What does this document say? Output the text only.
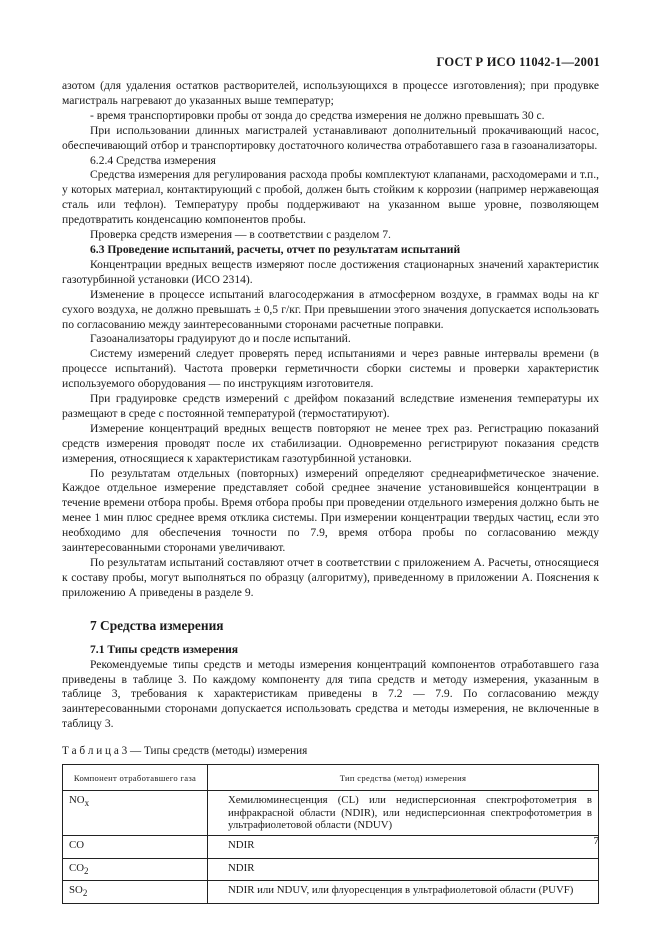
ГОСТ Р ИСО 11042-1—2001

азотом (для удаления остатков растворителей, использующихся в процессе изготовления); при продувке магистраль нагревают до указанных выше температур;

- время транспортировки пробы от зонда до средства измерения не должно превышать 30 с.

При использовании длинных магистралей устанавливают дополнительный прокачивающий насос, обеспечивающий отбор и транспортировку достаточного количества отработавшего газа в газоанализаторы.

6.2.4 Средства измерения

Средства измерения для регулирования расхода пробы комплектуют клапанами, расходомерами и т.п., у которых материал, контактирующий с пробой, должен быть стойким к коррозии (например нержавеющая сталь или тефлон). Температуру пробы поддерживают на указанном выше уровне, позволяющем предотвратить конденсацию компонентов пробы.

Проверка средств измерения — в соответствии с разделом 7.

6.3 Проведение испытаний, расчеты, отчет по результатам испытаний

Концентрации вредных веществ измеряют после достижения стационарных значений характеристик газотурбинной установки (ИСО 2314).

Изменение в процессе испытаний влагосодержания в атмосферном воздухе, в граммах воды на кг сухого воздуха, не должно превышать ± 0,5 г/кг. При превышении этого значения допускается использовать по согласованию между заинтересованными сторонами расчетные поправки.

Газоанализаторы градуируют до и после испытаний.

Систему измерений следует проверять перед испытаниями и через равные интервалы времени (в процессе испытаний). Частота проверки герметичности сборки системы и проверки характеристик используемого оборудования — по инструкциям изготовителя.

При градуировке средств измерений с дрейфом показаний вследствие изменения температуры их размещают в среде с постоянной температурой (термостатируют).

Измерение концентраций вредных веществ повторяют не менее трех раз. Регистрацию показаний средств измерения проводят после их стабилизации. Одновременно регистрируют показания средств измерения, относящиеся к характеристикам газотурбинной установки.

По результатам отдельных (повторных) измерений определяют среднеарифметическое значение. Каждое отдельное измерение представляет собой среднее значение установившейся концентрации в течение времени отбора пробы. Время отбора пробы при проведении отдельного измерения должно быть не менее 1 мин плюс среднее время отклика системы. При измерении концентрации твердых частиц, если это необходимо для обеспечения точности по 7.9, время отбора пробы по согласованию между заинтересованными сторонами увеличивают.

По результатам испытаний составляют отчет в соответствии с приложением А. Расчеты, относящиеся к составу пробы, могут выполняться по образцу (алгоритму), приведенному в приложении А. Пояснения к приложению А приведены в разделе 9.

7 Средства измерения

7.1 Типы средств измерения

Рекомендуемые типы средств и методы измерения концентраций компонентов отработавшего газа приведены в таблице 3. По каждому компоненту для типа средств и методу измерения, указанным в таблице 3, требования к характеристикам приведены в 7.2 — 7.9. По согласованию между заинтересованными сторонами допускается использовать средства и методы измерения, не включенные в таблицу 3.

Т а б л и ц а 3 — Типы средств (методы) измерения

Компонент отработавшего газа	Тип средства (метод) измерения
$NO_x$	Хемилюминесценция (CL) или недисперсионная спектрофотометрия в инфракрасной области (NDIR), или недисперсионная спектрофотометрия в ультрафиолетовой области (NDUV)
CO	NDIR
$CO_2$	NDIR
$SO_2$	NDIR или NDUV, или флуоресценция в ультрафиолетовой области (PUVF)
7
